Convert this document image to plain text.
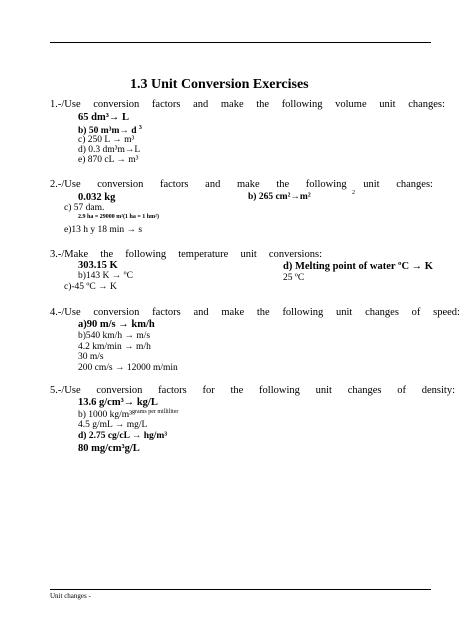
1.3 Unit Conversion Exercises
1.-/Use conversion factors and make the following volume unit changes:
65 dm³→ L
b) 50 m³m→ d $^3$
c) 250 L → m³
d) 0.3 dm³m→L
e) 870 cL → m³
2.-/Use conversion factors and make the following unit changes:
0.032 kg	b) 265 cm²→m²	2
c) 57 dam.
2.9 ha = 29000 m²(1 ha = 1 hm²)
e)13 h y 18 min → s
3.-/Make the following temperature unit conversions:
303.15 K	d) Melting point of water ºC → K
b)143 K → ºC	25 ºC
c)-45 ºC → K
4.-/Use conversion factors and make the following unit changes of speed:
a)90 m/s → km/h
b)540 km/h → m/s
4.2 km/min → m/h
30 m/s
200 cm/s → 12000 m/min
5.-/Use conversion factors for the following unit changes of density:
13.6 g/cm³→ kg/L
b) 1000 kg/m³$^{grams per milliliter}$
4.5 g/mL → mg/L
d) 2.75 cg/cL → hg/m³
80 mg/cm³g/L
Unit changes -
